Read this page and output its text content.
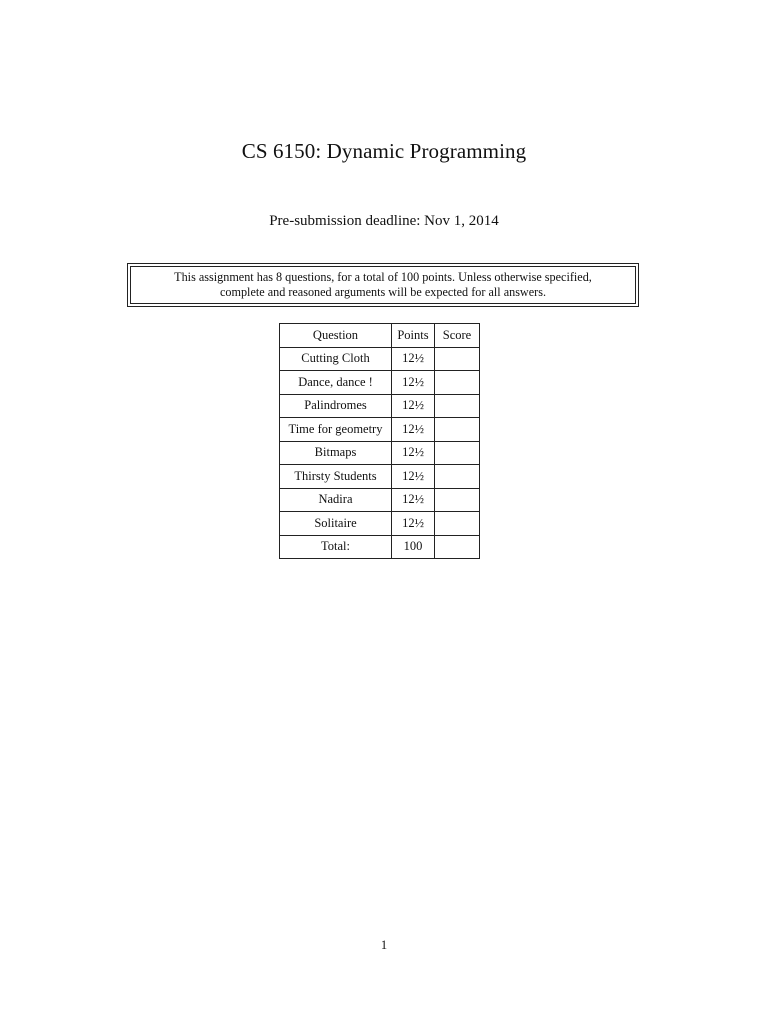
CS 6150: Dynamic Programming
Pre-submission deadline: Nov 1, 2014
This assignment has 8 questions, for a total of 100 points. Unless otherwise specified,
complete and reasoned arguments will be expected for all answers.
Question	Points	Score
Cutting Cloth	12½	
Dance, dance !	12½	
Palindromes	12½	
Time for geometry	12½	
Bitmaps	12½	
Thirsty Students	12½	
Nadira	12½	
Solitaire	12½	
Total:	100	
1
